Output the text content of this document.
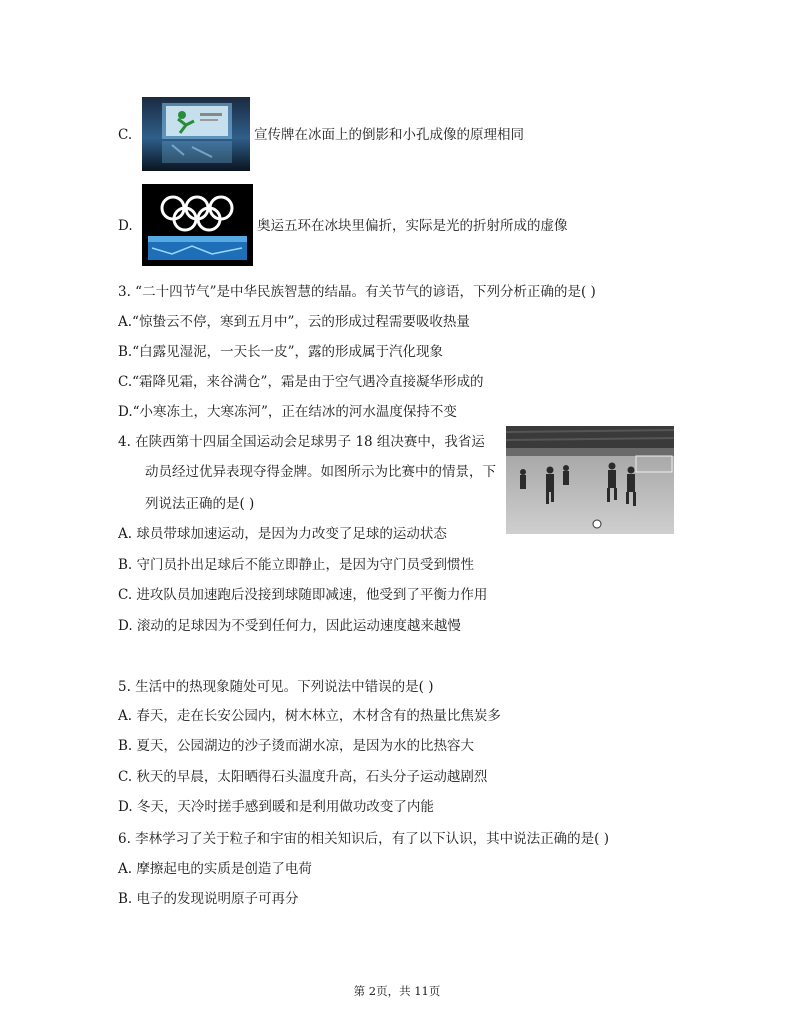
C.	宣传牌在冰面上的倒影和小孔成像的原理相同
D.	奥运五环在冰块里偏折，实际是光的折射所成的虚像
3. “二十四节气”是中华民族智慧的结晶。有关节气的谚语，下列分析正确的是( )
A.“惊蛰云不停，寒到五月中”，云的形成过程需要吸收热量
B.“白露见湿泥，一天长一皮”，露的形成属于汽化现象
C.“霜降见霜，来谷满仓”，霜是由于空气遇冷直接凝华形成的
D.“小寒冻土，大寒冻河”，正在结冰的河水温度保持不变
4. 在陕西第十四届全国运动会足球男子 18 组决赛中，我省运
动员经过优异表现夺得金牌。如图所示为比赛中的情景，下
列说法正确的是( )
A. 球员带球加速运动，是因为力改变了足球的运动状态
B. 守门员扑出足球后不能立即静止，是因为守门员受到惯性
C. 进攻队员加速跑后没接到球随即减速，他受到了平衡力作用
D. 滚动的足球因为不受到任何力，因此运动速度越来越慢
5. 生活中的热现象随处可见。下列说法中错误的是( )
A. 春天，走在长安公园内，树木林立，木材含有的热量比焦炭多
B. 夏天，公园湖边的沙子烫而湖水凉，是因为水的比热容大
C. 秋天的早晨，太阳晒得石头温度升高，石头分子运动越剧烈
D. 冬天，天冷时搓手感到暖和是利用做功改变了内能
6. 李林学习了关于粒子和宇宙的相关知识后，有了以下认识，其中说法正确的是( )
A. 摩擦起电的实质是创造了电荷
B. 电子的发现说明原子可再分
第 2页，共 11页
